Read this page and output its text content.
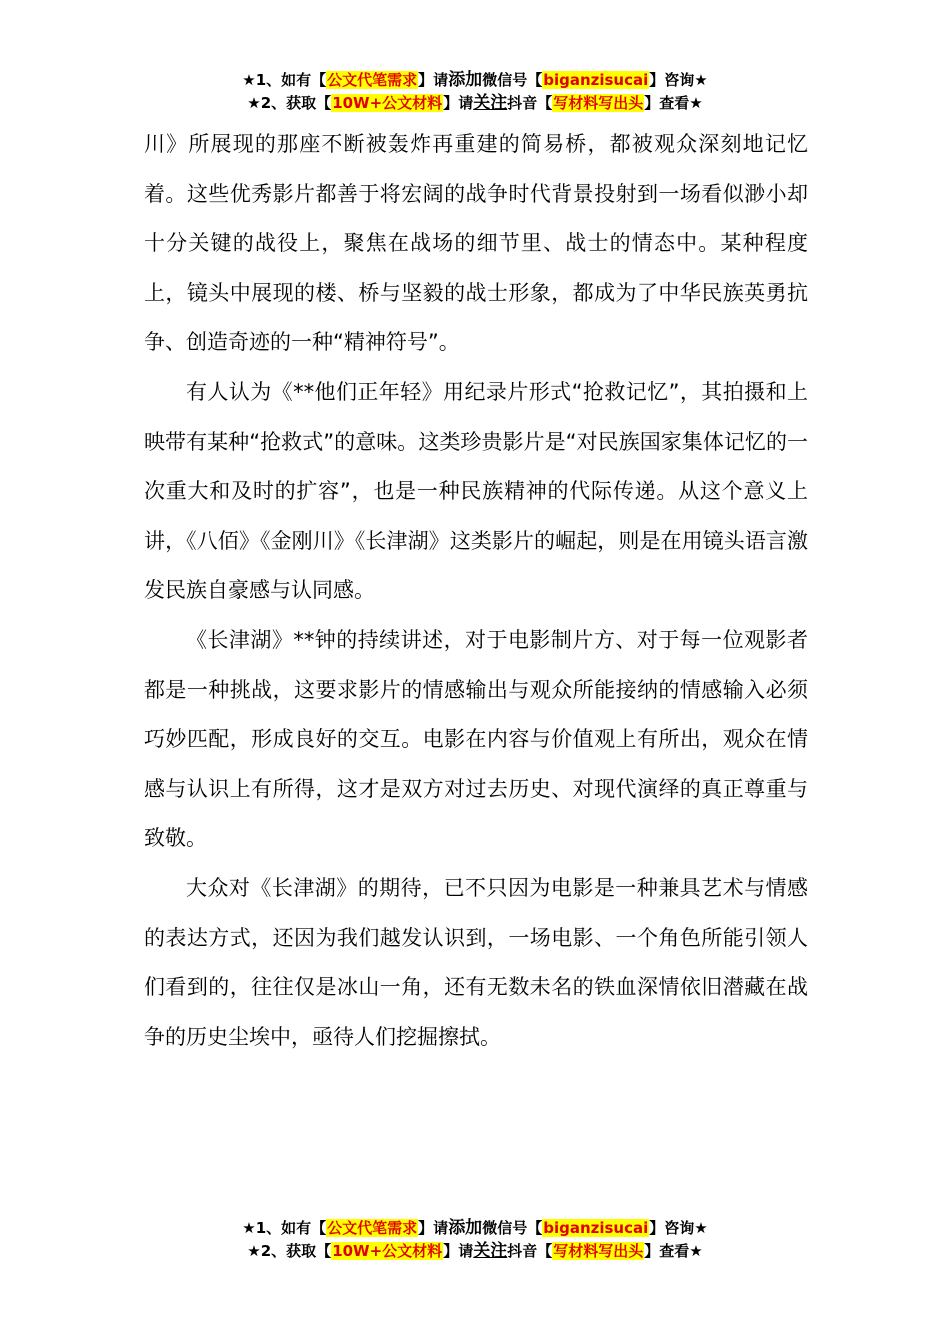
★1、如有【公文代笔需求】请添加微信号【biganzisucai】咨询★
★2、获取【10W+公文材料】请关注抖音【写材料写出头】查看★

川》所展现的那座不断被轰炸再重建的简易桥，都被观众深刻地记忆着。这些优秀影片都善于将宏阔的战争时代背景投射到一场看似渺小却十分关键的战役上，聚焦在战场的细节里、战士的情态中。某种程度上，镜头中展现的楼、桥与坚毅的战士形象，都成为了中华民族英勇抗争、创造奇迹的一种“精神符号”。

有人认为《**他们正年轻》用纪录片形式“抢救记忆”，其拍摄和上映带有某种“抢救式”的意味。这类珍贵影片是“对民族国家集体记忆的一次重大和及时的扩容”，也是一种民族精神的代际传递。从这个意义上讲，《八佰》《金刚川》《长津湖》这类影片的崛起，则是在用镜头语言激发民族自豪感与认同感。

《长津湖》**钟的持续讲述，对于电影制片方、对于每一位观影者都是一种挑战，这要求影片的情感输出与观众所能接纳的情感输入必须巧妙匹配，形成良好的交互。电影在内容与价值观上有所出，观众在情感与认识上有所得，这才是双方对过去历史、对现代演绎的真正尊重与致敬。

大众对《长津湖》的期待，已不只因为电影是一种兼具艺术与情感的表达方式，还因为我们越发认识到，一场电影、一个角色所能引领人们看到的，往往仅是冰山一角，还有无数未名的铁血深情依旧潜藏在战争的历史尘埃中，亟待人们挖掘擦拭。

★1、如有【公文代笔需求】请添加微信号【biganzisucai】咨询★
★2、获取【10W+公文材料】请关注抖音【写材料写出头】查看★
